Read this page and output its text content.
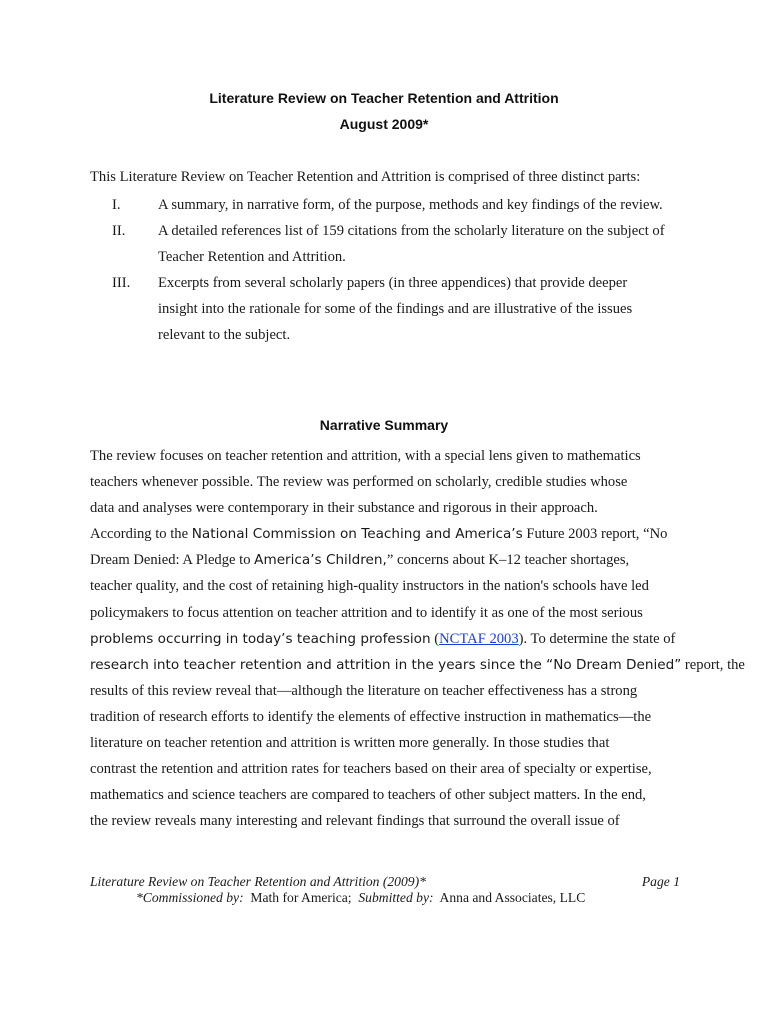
Literature Review on Teacher Retention and Attrition
August 2009*
This Literature Review on Teacher Retention and Attrition is comprised of three distinct parts:
I.	A summary, in narrative form, of the purpose, methods and key findings of the review.
II. A detailed references list of 159 citations from the scholarly literature on the subject of Teacher Retention and Attrition.
III. Excerpts from several scholarly papers (in three appendices) that provide deeper insight into the rationale for some of the findings and are illustrative of the issues relevant to the subject.
Narrative Summary
The review focuses on teacher retention and attrition, with a special lens given to mathematics
teachers whenever possible. The review was performed on scholarly, credible studies whose
data and analyses were contemporary in their substance and rigorous in their approach.
According to the National Commission on Teaching and America’s Future 2003 report, “No
Dream Denied: A Pledge to America’s Children,” concerns about K–12 teacher shortages,
teacher quality, and the cost of retaining high-quality instructors in the nation's schools have led
policymakers to focus attention on teacher attrition and to identify it as one of the most serious
problems occurring in today’s teaching profession (NCTAF 2003). To determine the state of
research into teacher retention and attrition in the years since the “No Dream Denied” report, the
results of this review reveal that—although the literature on teacher effectiveness has a strong
tradition of research efforts to identify the elements of effective instruction in mathematics—the
literature on teacher retention and attrition is written more generally. In those studies that
contrast the retention and attrition rates for teachers based on their area of specialty or expertise,
mathematics and science teachers are compared to teachers of other subject matters. In the end,
the review reveals many interesting and relevant findings that surround the overall issue of
Literature Review on Teacher Retention and Attrition (2009)*	Page 1
*Commissioned by:  Math for America;  Submitted by:  Anna and Associates, LLC
